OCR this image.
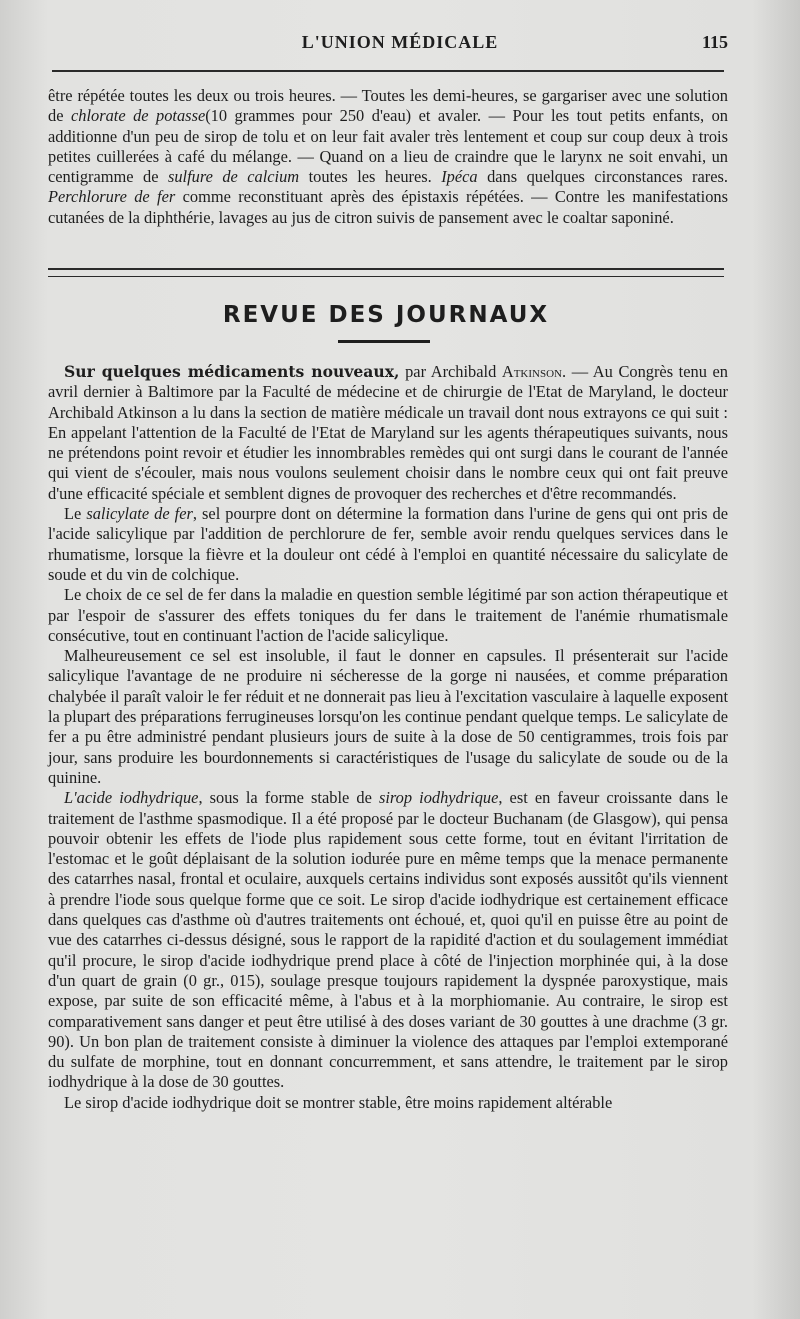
L'UNION MÉDICALE	115

être répétée toutes les deux ou trois heures. — Toutes les demi-heures, se gargariser avec une solution de chlorate de potasse(10 grammes pour 250 d'eau) et avaler. — Pour les tout petits enfants, on additionne d'un peu de sirop de tolu et on leur fait avaler très lentement et coup sur coup deux à trois petites cuillerées à café du mélange. — Quand on a lieu de craindre que le larynx ne soit envahi, un centigramme de sulfure de calcium toutes les heures. Ipéca dans quelques circonstances rares. Perchlorure de fer comme reconstituant après des épistaxis répétées. — Contre les manifestations cutanées de la diphthérie, lavages au jus de citron suivis de pansement avec le coaltar saponiné.

REVUE DES JOURNAUX

Sur quelques médicaments nouveaux, par Archibald Atkinson. — Au Congrès tenu en avril dernier à Baltimore par la Faculté de médecine et de chirurgie de l'Etat de Maryland, le docteur Archibald Atkinson a lu dans la section de matière médicale un travail dont nous extrayons ce qui suit : En appelant l'attention de la Faculté de l'Etat de Maryland sur les agents thérapeutiques suivants, nous ne prétendons point revoir et étudier les innombrables remèdes qui ont surgi dans le courant de l'année qui vient de s'écouler, mais nous voulons seulement choisir dans le nombre ceux qui ont fait preuve d'une efficacité spéciale et semblent dignes de provoquer des recherches et d'être recommandés.

Le salicylate de fer, sel pourpre dont on détermine la formation dans l'urine de gens qui ont pris de l'acide salicylique par l'addition de perchlorure de fer, semble avoir rendu quelques services dans le rhumatisme, lorsque la fièvre et la douleur ont cédé à l'emploi en quantité nécessaire du salicylate de soude et du vin de colchique.

Le choix de ce sel de fer dans la maladie en question semble légitimé par son action thérapeutique et par l'espoir de s'assurer des effets toniques du fer dans le traitement de l'anémie rhumatismale consécutive, tout en continuant l'action de l'acide salicylique.

Malheureusement ce sel est insoluble, il faut le donner en capsules. Il présenterait sur l'acide salicylique l'avantage de ne produire ni sécheresse de la gorge ni nausées, et comme préparation chalybée il paraît valoir le fer réduit et ne donnerait pas lieu à l'excitation vasculaire à laquelle exposent la plupart des préparations ferrugineuses lorsqu'on les continue pendant quelque temps. Le salicylate de fer a pu être administré pendant plusieurs jours de suite à la dose de 50 centigrammes, trois fois par jour, sans produire les bourdonnements si caractéristiques de l'usage du salicylate de soude ou de la quinine.

L'acide iodhydrique, sous la forme stable de sirop iodhydrique, est en faveur croissante dans le traitement de l'asthme spasmodique. Il a été proposé par le docteur Buchanam (de Glasgow), qui pensa pouvoir obtenir les effets de l'iode plus rapidement sous cette forme, tout en évitant l'irritation de l'estomac et le goût déplaisant de la solution iodurée pure en même temps que la menace permanente des catarrhes nasal, frontal et oculaire, auxquels certains individus sont exposés aussitôt qu'ils viennent à prendre l'iode sous quelque forme que ce soit. Le sirop d'acide iodhydrique est certainement efficace dans quelques cas d'asthme où d'autres traitements ont échoué, et, quoi qu'il en puisse être au point de vue des catarrhes ci-dessus désigné, sous le rapport de la rapidité d'action et du soulagement immédiat qu'il procure, le sirop d'acide iodhydrique prend place à côté de l'injection morphinée qui, à la dose d'un quart de grain (0 gr., 015), soulage presque toujours rapidement la dyspnée paroxystique, mais expose, par suite de son efficacité même, à l'abus et à la morphiomanie. Au contraire, le sirop est comparativement sans danger et peut être utilisé à des doses variant de 30 gouttes à une drachme (3 gr. 90). Un bon plan de traitement consiste à diminuer la violence des attaques par l'emploi extemporané du sulfate de morphine, tout en donnant concurremment, et sans attendre, le traitement par le sirop iodhydrique à la dose de 30 gouttes.

Le sirop d'acide iodhydrique doit se montrer stable, être moins rapidement altérable
